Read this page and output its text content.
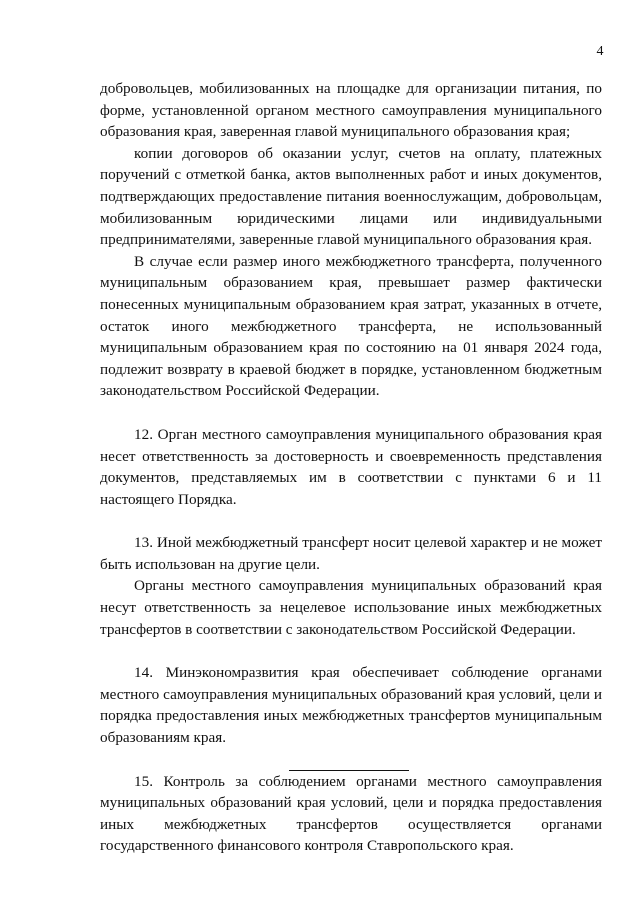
4

добровольцев, мобилизованных на площадке для организации питания, по форме, установленной органом местного самоуправления муниципального образования края, заверенная главой муниципального образования края;

копии договоров об оказании услуг, счетов на оплату, платежных поручений с отметкой банка, актов выполненных работ и иных документов, подтверждающих предоставление питания военнослужащим, добровольцам, мобилизованным юридическими лицами или индивидуальными предпринимателями, заверенные главой муниципального образования края.

В случае если размер иного межбюджетного трансферта, полученного муниципальным образованием края, превышает размер фактически понесенных муниципальным образованием края затрат, указанных в отчете, остаток иного межбюджетного трансферта, не использованный муниципальным образованием края по состоянию на 01 января 2024 года, подлежит возврату в краевой бюджет в порядке, установленном бюджетным законодательством Российской Федерации.

12. Орган местного самоуправления муниципального образования края несет ответственность за достоверность и своевременность представления документов, представляемых им в соответствии с пунктами 6 и 11 настоящего Порядка.

13. Иной межбюджетный трансферт носит целевой характер и не может быть использован на другие цели.

Органы местного самоуправления муниципальных образований края несут ответственность за нецелевое использование иных межбюджетных трансфертов в соответствии с законодательством Российской Федерации.

14. Минэкономразвития края обеспечивает соблюдение органами местного самоуправления муниципальных образований края условий, цели и порядка предоставления иных межбюджетных трансфертов муниципальным образованиям края.

15. Контроль за соблюдением органами местного самоуправления муниципальных образований края условий, цели и порядка предоставления иных межбюджетных трансфертов осуществляется органами государственного финансового контроля Ставропольского края.
